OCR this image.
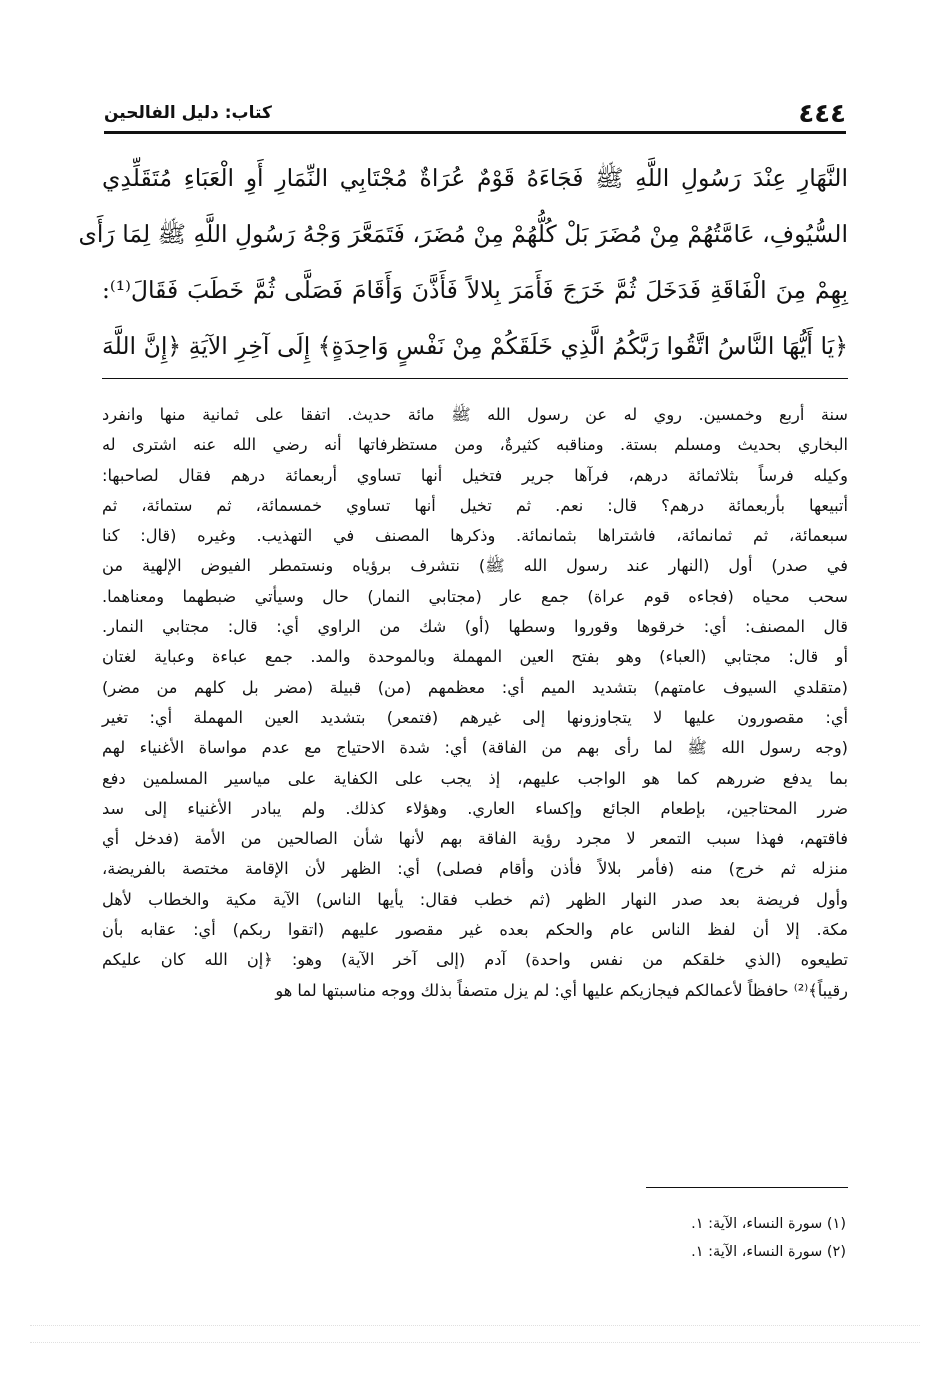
٤٤٤
كتاب: دليل الفالحين
النَّهَارِ عِنْدَ رَسُولِ اللَّهِ ﷺ فَجَاءَهُ قَوْمٌ عُرَاةٌ مُجْتَابِي النِّمَارِ أَوِ الْعَبَاءِ مُتَقَلِّدِي
السُّيُوفِ، عَامَّتُهُمْ مِنْ مُضَرَ بَلْ كُلُّهُمْ مِنْ مُضَرَ، فَتَمَعَّرَ وَجْهُ رَسُولِ اللَّهِ ﷺ لِمَا رَأَى
بِهِمْ مِنَ الْفَاقَةِ فَدَخَلَ ثُمَّ خَرَجَ فَأَمَرَ بِلالاً فَأَذَّنَ وَأَقَامَ فَصَلَّى ثُمَّ خَطَبَ فَقَالَ⁽¹⁾:
﴿يَا أَيُّهَا النَّاسُ اتَّقُوا رَبَّكُمُ الَّذِي خَلَقَكُمْ مِنْ نَفْسٍ وَاحِدَةٍ﴾ إِلَى آخِرِ الآيَةِ ﴿إِنَّ اللَّهَ
سنة أربع وخمسين. روي له عن رسول الله ﷺ مائة حديث. اتفقا على ثمانية منها وانفرد
البخاري بحديث ومسلم بستة. ومناقبه كثيرةٌ، ومن مستظرفاتها أنه رضي الله عنه اشترى له
وكيله فرساً بثلاثمائة درهم، فرآها جرير فتخيل أنها تساوي أربعمائة درهم فقال لصاحبها:
أتبيعها بأربعمائة درهم؟ قال: نعم. ثم تخيل أنها تساوي خمسمائة، ثم ستمائة، ثم
سبعمائة، ثم ثمانمائة، فاشتراها بثمانمائة. وذكرها المصنف في التهذيب. وغيره (قال: كنا
في صدر) أول (النهار عند رسول الله ﷺ) نتشرف برؤياه ونستمطر الفيوض الإلهية من
سحب محياه (فجاءه قوم عراة) جمع عار (مجتابي النمار) حال وسيأتي ضبطهما ومعناهما.
قال المصنف: أي: خرقوها وقوروا وسطها (أو) شك من الراوي أي: قال: مجتابي النمار.
أو قال: مجتابي (العباء) وهو بفتح العين المهملة وبالموحدة والمد. جمع عباءة وعباية لغتان
(متقلدي السيوف عامتهم) بتشديد الميم أي: معظمهم (من) قبيلة (مضر بل كلهم من مضر)
أي: مقصورون عليها لا يتجاوزونها إلى غيرهم (فتمعر) بتشديد العين المهملة أي: تغير
(وجه رسول الله ﷺ لما رأى بهم من الفاقة) أي: شدة الاحتياج مع عدم مواساة الأغنياء لهم
بما يدفع ضررهم كما هو الواجب عليهم، إذ يجب على الكفاية على مياسير المسلمين دفع
ضرر المحتاجين، بإطعام الجائع وإكساء العاري. وهؤلاء كذلك. ولم يبادر الأغنياء إلى سد
فاقتهم، فهذا سبب التمعر لا مجرد رؤية الفاقة بهم لأنها شأن الصالحين من الأمة (فدخل أي
منزله ثم خرج) منه (فأمر بلالاً فأذن وأقام فصلى) أي: الظهر لأن الإقامة مختصة بالفريضة،
وأول فريضة بعد صدر النهار الظهر (ثم خطب فقال: يأيها الناس) الآية مكية والخطاب لأهل
مكة. إلا أن لفظ الناس عام والحكم بعده غير مقصور عليهم (اتقوا ربكم) أي: عقابه بأن
تطيعوه (الذي خلقكم من نفس واحدة) آدم (إلى آخر الآية) وهو: ﴿إن الله كان عليكم
رقيباً﴾⁽²⁾ حافظاً لأعمالكم فيجازيكم عليها أي: لم يزل متصفاً بذلك ووجه مناسبتها لما هو
(١) سورة النساء، الآية: ١.
(٢) سورة النساء، الآية: ١.
